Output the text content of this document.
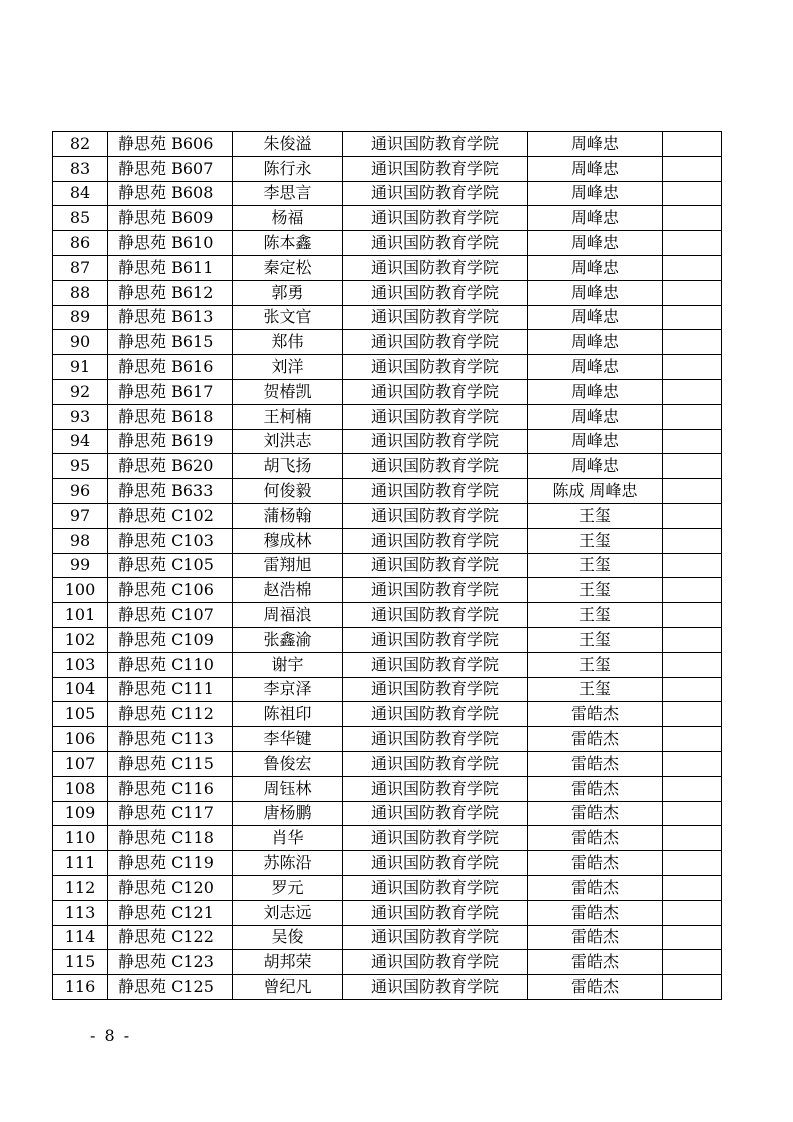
82	静思苑 B606	朱俊溢	通识国防教育学院	周峰忠	
83	静思苑 B607	陈行永	通识国防教育学院	周峰忠	
84	静思苑 B608	李思言	通识国防教育学院	周峰忠	
85	静思苑 B609	杨福	通识国防教育学院	周峰忠	
86	静思苑 B610	陈本鑫	通识国防教育学院	周峰忠	
87	静思苑 B611	秦定松	通识国防教育学院	周峰忠	
88	静思苑 B612	郭勇	通识国防教育学院	周峰忠	
89	静思苑 B613	张文官	通识国防教育学院	周峰忠	
90	静思苑 B615	郑伟	通识国防教育学院	周峰忠	
91	静思苑 B616	刘洋	通识国防教育学院	周峰忠	
92	静思苑 B617	贺椿凯	通识国防教育学院	周峰忠	
93	静思苑 B618	王柯楠	通识国防教育学院	周峰忠	
94	静思苑 B619	刘洪志	通识国防教育学院	周峰忠	
95	静思苑 B620	胡飞扬	通识国防教育学院	周峰忠	
96	静思苑 B633	何俊毅	通识国防教育学院	陈成 周峰忠	
97	静思苑 C102	蒲杨翰	通识国防教育学院	王玺	
98	静思苑 C103	穆成林	通识国防教育学院	王玺	
99	静思苑 C105	雷翔旭	通识国防教育学院	王玺	
100	静思苑 C106	赵浩棉	通识国防教育学院	王玺	
101	静思苑 C107	周福浪	通识国防教育学院	王玺	
102	静思苑 C109	张鑫渝	通识国防教育学院	王玺	
103	静思苑 C110	谢宇	通识国防教育学院	王玺	
104	静思苑 C111	李京泽	通识国防教育学院	王玺	
105	静思苑 C112	陈祖印	通识国防教育学院	雷皓杰	
106	静思苑 C113	李华键	通识国防教育学院	雷皓杰	
107	静思苑 C115	鲁俊宏	通识国防教育学院	雷皓杰	
108	静思苑 C116	周钰林	通识国防教育学院	雷皓杰	
109	静思苑 C117	唐杨鹏	通识国防教育学院	雷皓杰	
110	静思苑 C118	肖华	通识国防教育学院	雷皓杰	
111	静思苑 C119	苏陈沿	通识国防教育学院	雷皓杰	
112	静思苑 C120	罗元	通识国防教育学院	雷皓杰	
113	静思苑 C121	刘志远	通识国防教育学院	雷皓杰	
114	静思苑 C122	吴俊	通识国防教育学院	雷皓杰	
115	静思苑 C123	胡邦荣	通识国防教育学院	雷皓杰	
116	静思苑 C125	曾纪凡	通识国防教育学院	雷皓杰	
- 8 -
